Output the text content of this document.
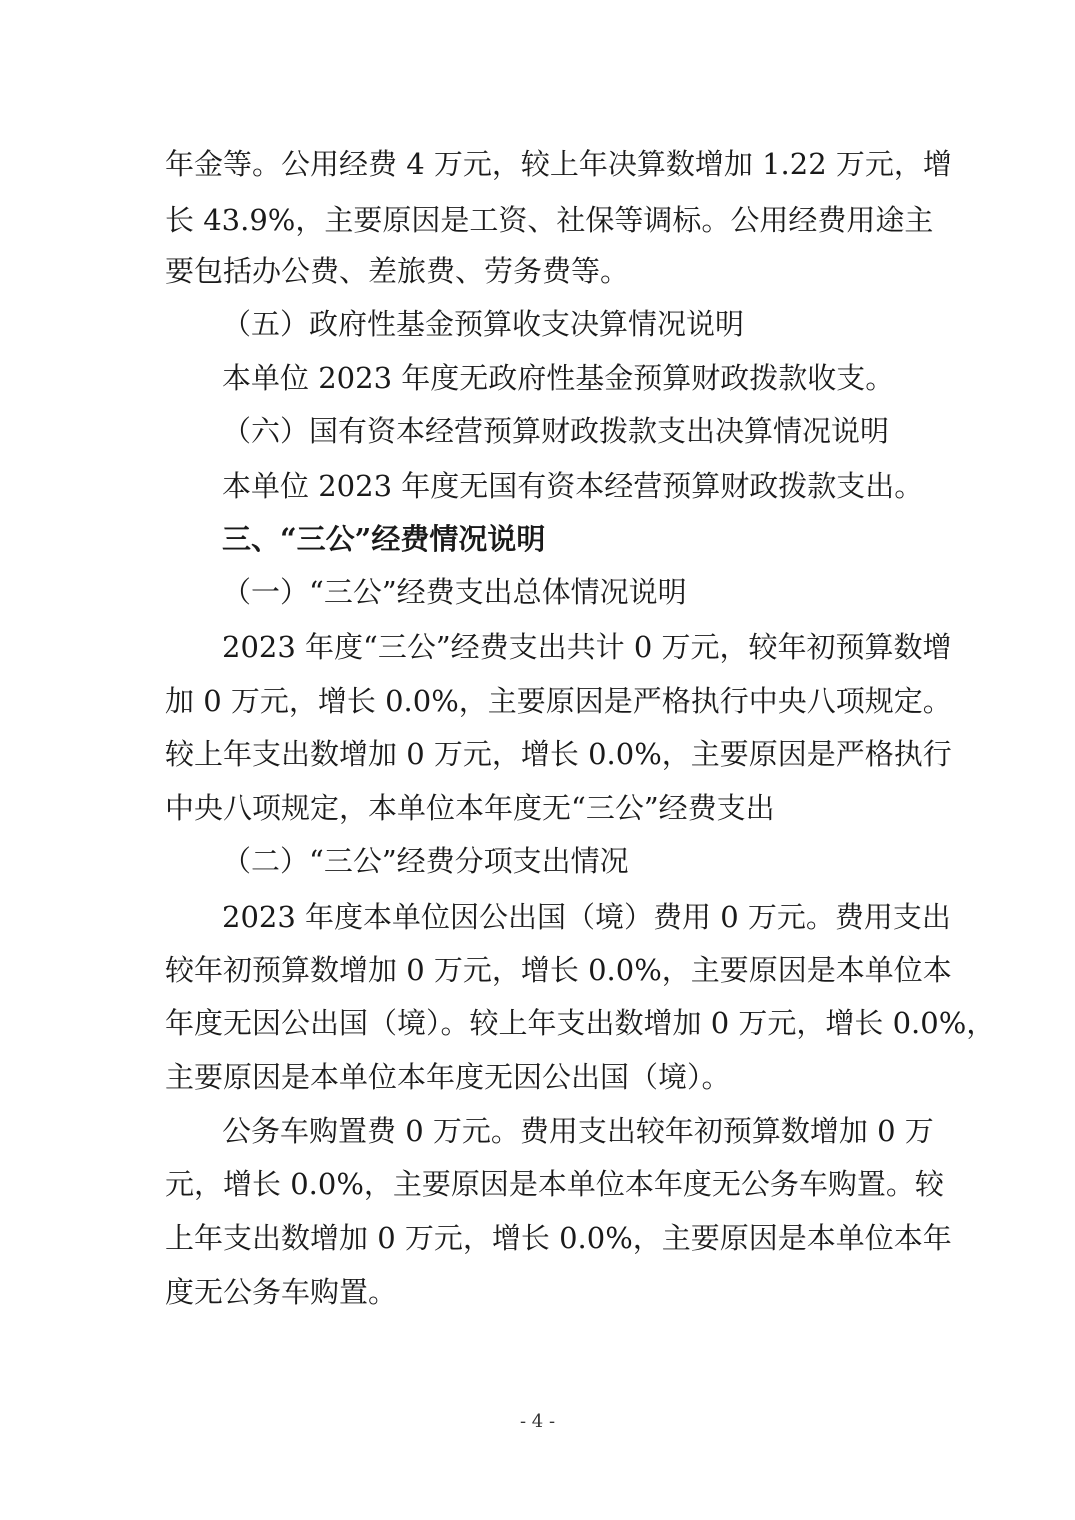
年金等。公用经费 4 万元，较上年决算数增加 1.22 万元，增
长 43.9%，主要原因是工资、社保等调标。公用经费用途主
要包括办公费、差旅费、劳务费等。
（五）政府性基金预算收支决算情况说明
本单位 2023 年度无政府性基金预算财政拨款收支。
（六）国有资本经营预算财政拨款支出决算情况说明
本单位 2023 年度无国有资本经营预算财政拨款支出。
三、“三公”经费情况说明
（一）“三公”经费支出总体情况说明
2023 年度“三公”经费支出共计 0 万元，较年初预算数增
加 0 万元，增长 0.0%，主要原因是严格执行中央八项规定。
较上年支出数增加 0 万元，增长 0.0%，主要原因是严格执行
中央八项规定，本单位本年度无“三公”经费支出
（二）“三公”经费分项支出情况
2023 年度本单位因公出国（境）费用 0 万元。费用支出
较年初预算数增加 0 万元，增长 0.0%，主要原因是本单位本
年度无因公出国（境）。较上年支出数增加 0 万元，增长 0.0%，
主要原因是本单位本年度无因公出国（境）。
公务车购置费 0 万元。费用支出较年初预算数增加 0 万
元，增长 0.0%，主要原因是本单位本年度无公务车购置。较
上年支出数增加 0 万元，增长 0.0%，主要原因是本单位本年
度无公务车购置。
- 4 -
